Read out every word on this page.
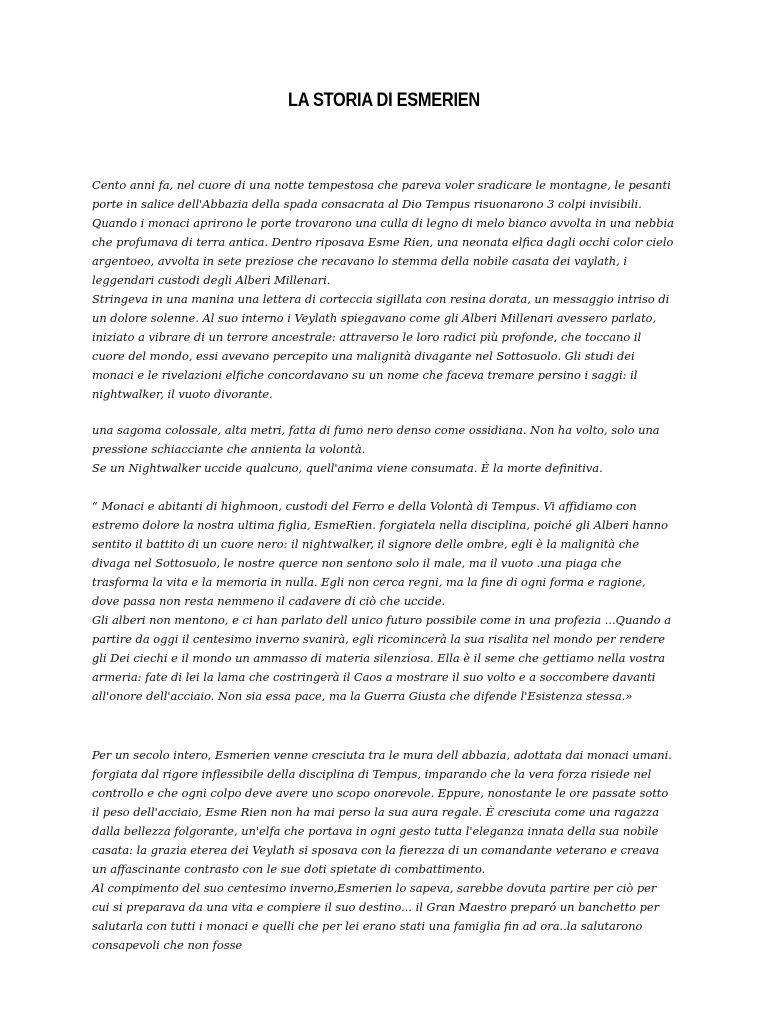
LA STORIA DI ESMERIEN

Cento anni fa, nel cuore di una notte tempestosa che pareva voler sradicare le montagne, le pesanti porte in salice dell'Abbazia della spada consacrata al Dio Tempus risuonarono 3 colpi invisibili. Quando i monaci aprirono le porte trovarono una culla di legno di melo bianco avvolta in una nebbia che profumava di terra antica. Dentro riposava Esme Rien, una neonata elfica dagli occhi color cielo argentoeo, avvolta in sete preziose che recavano lo stemma della nobile casata dei vaylath, i leggendari custodi degli Alberi Millenari.

Stringeva in una manina una lettera di corteccia sigillata con resina dorata, un messaggio intriso di un dolore solenne. Al suo interno i Veylath spiegavano come gli Alberi Millenari avessero parlato, iniziato a vibrare di un terrore ancestrale: attraverso le loro radici più profonde, che toccano il cuore del mondo, essi avevano percepito una malignità divagante nel Sottosuolo. Gli studi dei monaci e le rivelazioni elfiche concordavano su un nome che faceva tremare persino i saggi: il nightwalker, il vuoto divorante.

una sagoma colossale, alta metri, fatta di fumo nero denso come ossidiana. Non ha volto, solo una pressione schiacciante che annienta la volontà.

Se un Nightwalker uccide qualcuno, quell'anima viene consumata. È la morte definitiva.

“ Monaci e abitanti di highmoon, custodi del Ferro e della Volontà di Tempus. Vi affidiamo con estremo dolore la nostra ultima figlia, EsmeRien. forgiatela nella disciplina, poiché gli Alberi hanno sentito il battito di un cuore nero: il nightwalker, il signore delle ombre, egli è la malignità che divaga nel Sottosuolo, le nostre querce non sentono solo il male, ma il vuoto .una piaga che trasforma la vita e la memoria in nulla. Egli non cerca regni, ma la fine di ogni forma e ragione, dove passa non resta nemmeno il cadavere di ciò che uccide.

Gli alberi non mentono, e ci han parlato dell unico futuro possibile come in una profezia ...Quando a partire da oggi il centesimo inverno svanirà, egli ricomincerà la sua risalita nel mondo per rendere gli Dei ciechi e il mondo un ammasso di materia silenziosa. Ella è il seme che gettiamo nella vostra armeria: fate di lei la lama che costringerà il Caos a mostrare il suo volto e a soccombere davanti all'onore dell'acciaio. Non sia essa pace, ma la Guerra Giusta che difende l'Esistenza stessa.»

Per un secolo intero, Esmerien venne cresciuta tra le mura dell abbazia, adottata dai monaci umani. forgiata dal rigore inflessibile della disciplina di Tempus, imparando che la vera forza risiede nel controllo e che ogni colpo deve avere uno scopo onorevole. Eppure, nonostante le ore passate sotto il peso dell'acciaio, Esme Rien non ha mai perso la sua aura regale. È cresciuta come una ragazza dalla bellezza folgorante, un'elfa che portava in ogni gesto tutta l'eleganza innata della sua nobile casata: la grazia eterea dei Veylath si sposava con la fierezza di un comandante veterano e creava un affascinante contrasto con le sue doti spietate di combattimento.

Al compimento del suo centesimo inverno,Esmerien lo sapeva, sarebbe dovuta partire per ciò per cui si preparava da una vita e compiere il suo destino... il Gran Maestro preparó un banchetto per salutarla con tutti i monaci e quelli che per lei erano stati una famiglia fin ad ora..la salutarono consapevoli che non fosse
